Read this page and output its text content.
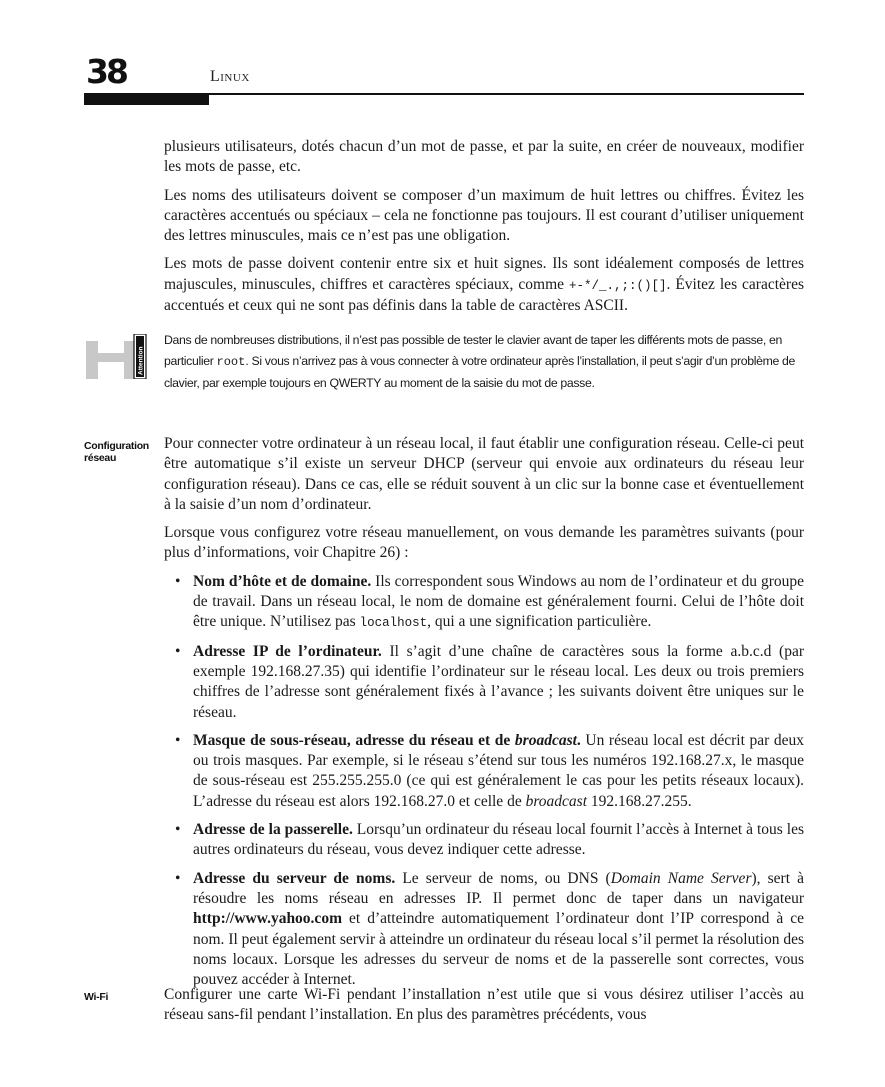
38	Linux

plusieurs utilisateurs, dotés chacun d’un mot de passe, et par la suite, en créer de nouveaux, modifier les mots de passe, etc.

Les noms des utilisateurs doivent se composer d’un maximum de huit lettres ou chiffres. Évitez les caractères accentués ou spéciaux – cela ne fonctionne pas toujours. Il est courant d’utiliser uniquement des lettres minuscules, mais ce n’est pas une obligation.

Les mots de passe doivent contenir entre six et huit signes. Ils sont idéalement composés de lettres majuscules, minuscules, chiffres et caractères spéciaux, comme +-*/_.,;:()[]. Évitez les caractères accentués et ceux qui ne sont pas définis dans la table de caractères ASCII.

Attention
Dans de nombreuses distributions, il n’est pas possible de tester le clavier avant de taper les différents mots de passe, en particulier root. Si vous n’arrivez pas à vous connecter à votre ordinateur après l’installation, il peut s’agir d’un problème de clavier, par exemple toujours en QWERTY au moment de la saisie du mot de passe.
Configuration réseau

Pour connecter votre ordinateur à un réseau local, il faut établir une configuration réseau. Celle-ci peut être automatique s’il existe un serveur DHCP (serveur qui envoie aux ordinateurs du réseau leur configuration réseau). Dans ce cas, elle se réduit souvent à un clic sur la bonne case et éventuellement à la saisie d’un nom d’ordinateur.

Lorsque vous configurez votre réseau manuellement, on vous demande les paramètres suivants (pour plus d’informations, voir Chapitre 26) :

• Nom d’hôte et de domaine. Ils correspondent sous Windows au nom de l’ordinateur et du groupe de travail. Dans un réseau local, le nom de domaine est généralement fourni. Celui de l’hôte doit être unique. N’utilisez pas localhost, qui a une signification particulière.
• Adresse IP de l’ordinateur. Il s’agit d’une chaîne de caractères sous la forme a.b.c.d (par exemple 192.168.27.35) qui identifie l’ordinateur sur le réseau local. Les deux ou trois premiers chiffres de l’adresse sont généralement fixés à l’avance ; les suivants doivent être uniques sur le réseau.
• Masque de sous-réseau, adresse du réseau et de broadcast. Un réseau local est décrit par deux ou trois masques. Par exemple, si le réseau s’étend sur tous les numéros 192.168.27.x, le masque de sous-réseau est 255.255.255.0 (ce qui est généralement le cas pour les petits réseaux locaux). L’adresse du réseau est alors 192.168.27.0 et celle de broadcast 192.168.27.255.
• Adresse de la passerelle. Lorsqu’un ordinateur du réseau local fournit l’accès à Internet à tous les autres ordinateurs du réseau, vous devez indiquer cette adresse.
• Adresse du serveur de noms. Le serveur de noms, ou DNS (Domain Name Server), sert à résoudre les noms réseau en adresses IP. Il permet donc de taper dans un navigateur http://www.yahoo.com et d’atteindre automatiquement l’ordinateur dont l’IP correspond à ce nom. Il peut également servir à atteindre un ordinateur du réseau local s’il permet la résolution des noms locaux. Lorsque les adresses du serveur de noms et de la passerelle sont correctes, vous pouvez accéder à Internet.
Wi-Fi	Configurer une carte Wi-Fi pendant l’installation n’est utile que si vous désirez utiliser l’accès au réseau sans-fil pendant l’installation. En plus des paramètres précédents, vous
